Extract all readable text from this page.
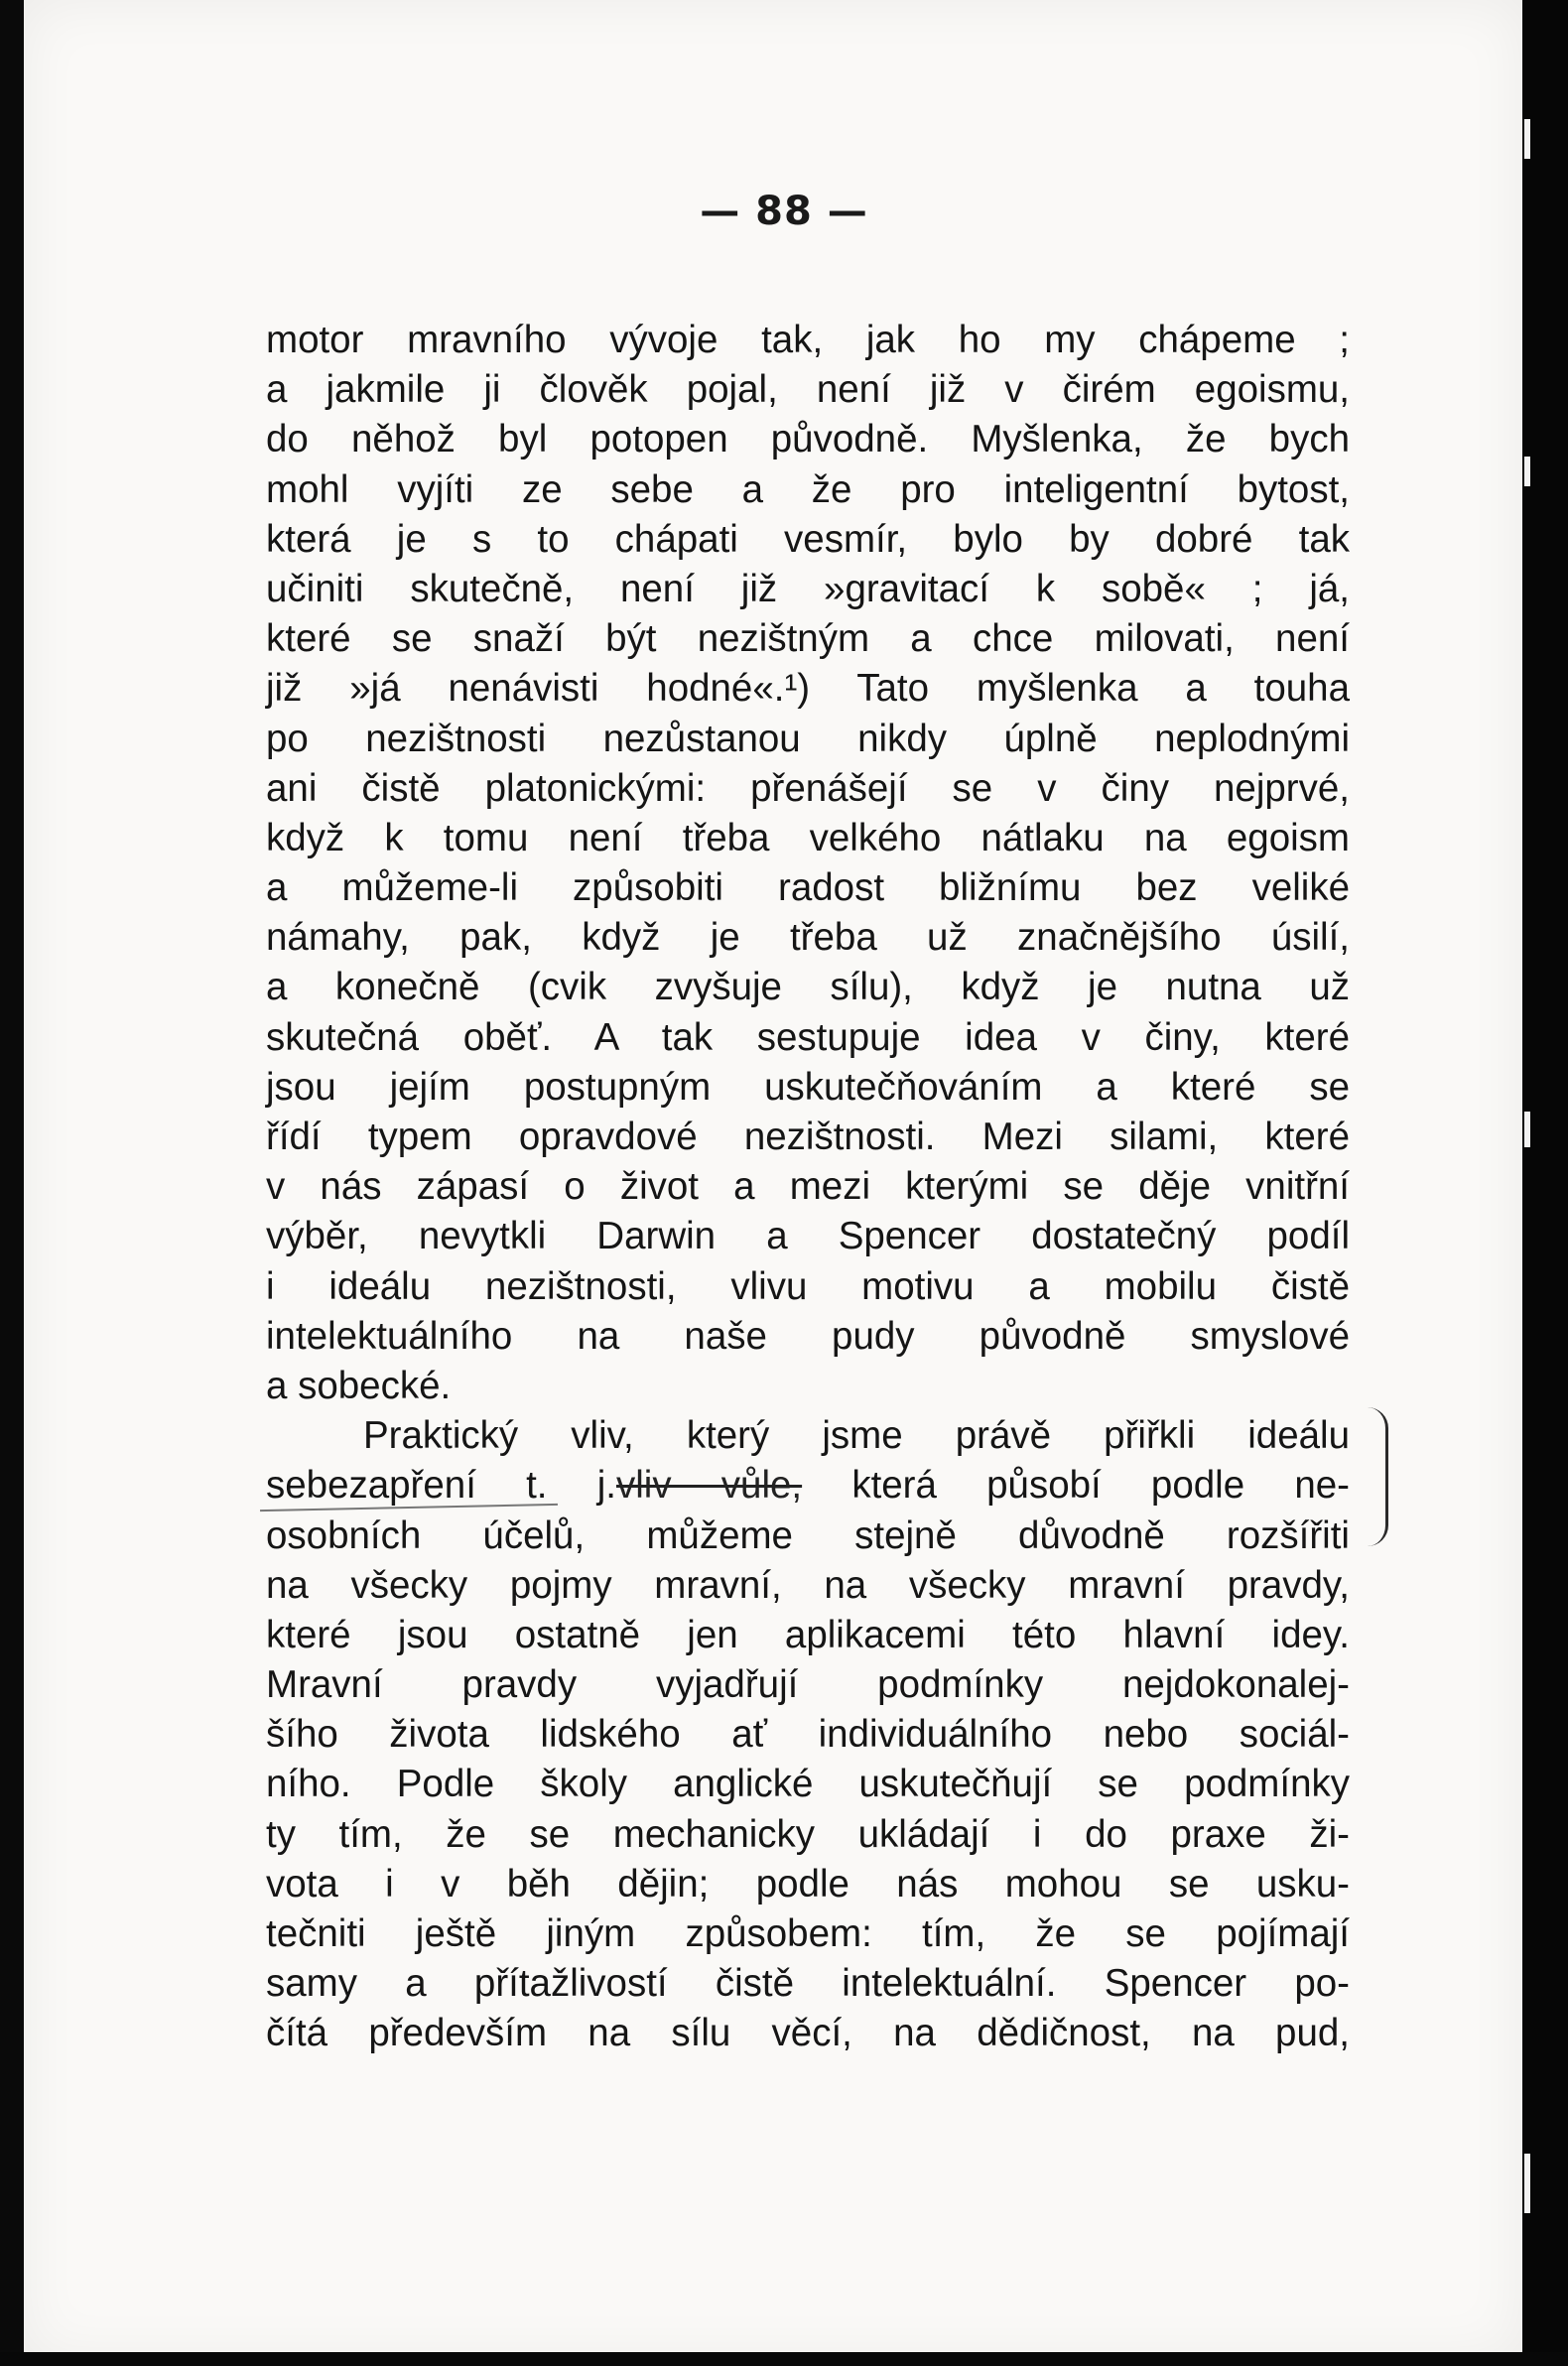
— 88 —
motor mravního vývoje tak, jak ho my chápeme ;
a jakmile ji člověk pojal, není již v čirém egoismu,
do něhož byl potopen původně. Myšlenka, že bych
mohl vyjíti ze sebe a že pro inteligentní bytost,
která je s to chápati vesmír, bylo by dobré tak
učiniti skutečně, není již »gravitací k sobě« ; já,
které se snaží být nezištným a chce milovati, není
již »já nenávisti hodné«.¹) Tato myšlenka a touha
po nezištnosti nezůstanou nikdy úplně neplodnými
ani čistě platonickými: přenášejí se v činy nejprvé,
když k tomu není třeba velkého nátlaku na egoism
a můžeme-li způsobiti radost bližnímu bez veliké
námahy, pak, když je třeba už značnějšího úsilí,
a konečně (cvik zvyšuje sílu), když je nutna už
skutečná oběť. A tak sestupuje idea v činy, které
jsou jejím postupným uskutečňováním a které se
řídí typem opravdové nezištnosti. Mezi silami, které
v nás zápasí o život a mezi kterými se děje vnitřní
výběr, nevytkli Darwin a Spencer dostatečný podíl
i ideálu nezištnosti, vlivu motivu a mobilu čistě
intelektuálního na naše pudy původně smyslové
a sobecké.
Praktický vliv, který jsme právě přiřkli ideálu
sebezapření t. j.vliv vůle, která působí podle ne-
osobních účelů, můžeme stejně důvodně rozšířiti
na všecky pojmy mravní, na všecky mravní pravdy,
které jsou ostatně jen aplikacemi této hlavní idey.
Mravní pravdy vyjadřují podmínky nejdokonalej-
šího života lidského ať individuálního nebo sociál-
ního. Podle školy anglické uskutečňují se podmínky
ty tím, že se mechanicky ukládají i do praxe ži-
vota i v běh dějin; podle nás mohou se usku-
tečniti ještě jiným způsobem: tím, že se pojímají
samy a přítažlivostí čistě intelektuální. Spencer po-
čítá především na sílu věcí, na dědičnost, na pud,
